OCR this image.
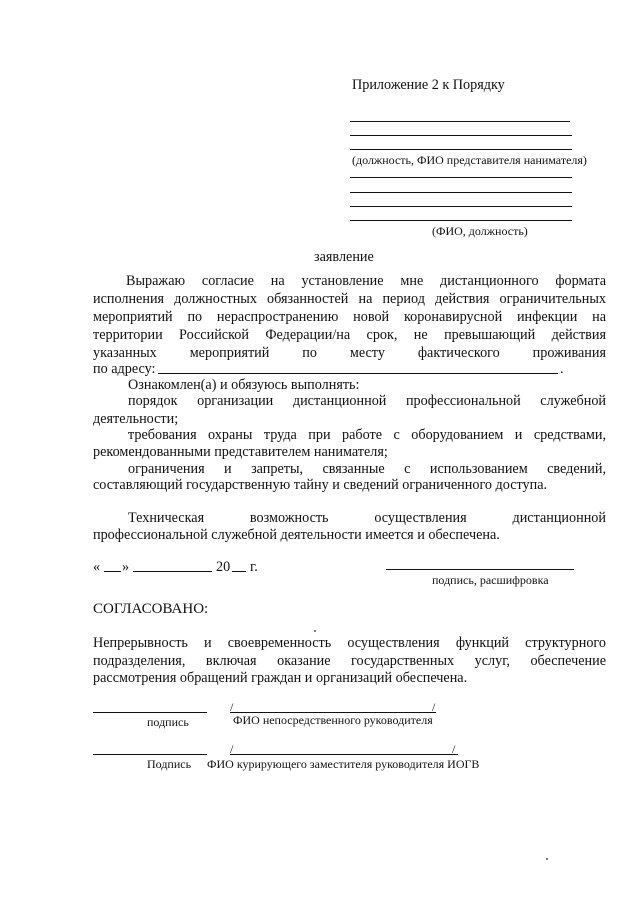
Приложение 2 к Порядку
(должность, ФИО представителя нанимателя)
(ФИО, должность)
заявление
Выражаю согласие на установление мне дистанционного формата
исполнения должностных обязанностей на период действия ограничительных
мероприятий по нераспространению новой коронавирусной инфекции на
территории Российской Федерации/на срок, не превышающий действия
указанных мероприятий по месту фактического проживания
по адресу:	.
Ознакомлен(а) и обязуюсь выполнять:
порядок организации дистанционной профессиональной служебной
деятельности;
требования охраны труда при работе с оборудованием и средствами,
рекомендованными представителем нанимателя;
ограничения и запреты, связанные с использованием сведений,
составляющий государственную тайну и сведений ограниченного доступа.
Техническая возможность осуществления дистанционной
профессиональной служебной деятельности имеется и обеспечена.
« »	20 г.
подпись, расшифровка
СОГЛАСОВАНО:
Непрерывность и своевременность осуществления функций структурного
подразделения, включая оказание государственных услуг, обеспечение
рассмотрения обращений граждан и организаций обеспечена.
/	/
подпись	ФИО непосредственного руководителя
/	/
Подпись ФИО курирующего заместителя руководителя ИОГВ
